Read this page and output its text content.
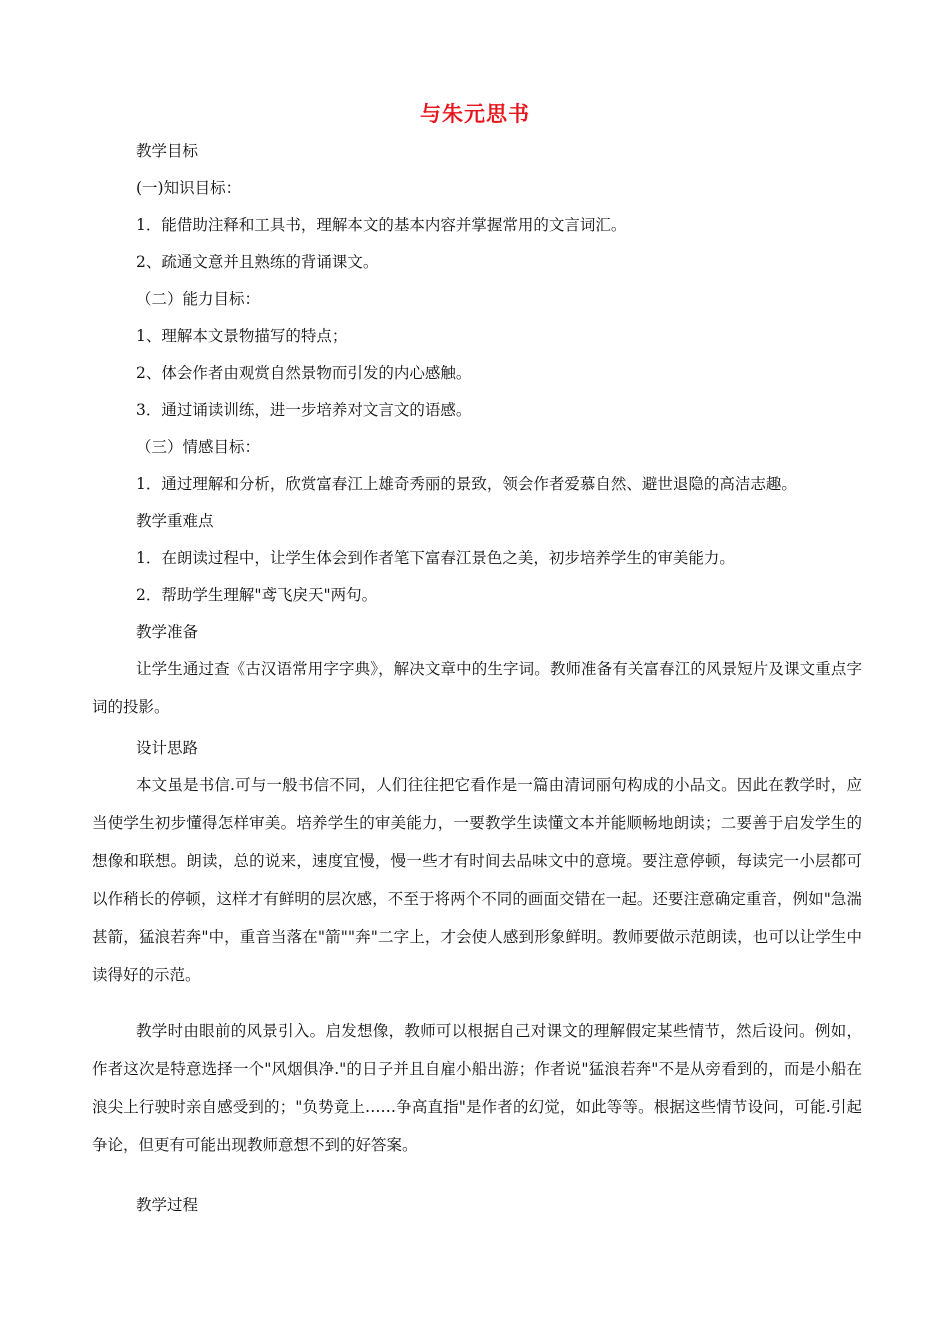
与朱元思书
教学目标
(一)知识目标：
1．能借助注释和工具书，理解本文的基本内容并掌握常用的文言词汇。
2、疏通文意并且熟练的背诵课文。
（二）能力目标：
1、理解本文景物描写的特点；
2、体会作者由观赏自然景物而引发的内心感触。
3．通过诵读训练，进一步培养对文言文的语感。
（三）情感目标：
1．通过理解和分析，欣赏富春江上雄奇秀丽的景致，领会作者爱慕自然、避世退隐的高洁志趣。
教学重难点
1．在朗读过程中，让学生体会到作者笔下富春江景色之美，初步培养学生的审美能力。
2．帮助学生理解"鸢飞戾天"两句。
教学准备

让学生通过查《古汉语常用字字典》，解决文章中的生字词。教师准备有关富春江的风景短片及课文重点字词的投影。

设计思路

本文虽是书信.可与一般书信不同，人们往往把它看作是一篇由清词丽句构成的小品文。因此在教学时，应当使学生初步懂得怎样审美。培养学生的审美能力，一要教学生读懂文本并能顺畅地朗读；二要善于启发学生的想像和联想。朗读，总的说来，速度宜慢，慢一些才有时间去品味文中的意境。要注意停顿，每读完一小层都可以作稍长的停顿，这样才有鲜明的层次感，不至于将两个不同的画面交错在一起。还要注意确定重音，例如"急湍甚箭，猛浪若奔"中，重音当落在"箭""奔"二字上，才会使人感到形象鲜明。教师要做示范朗读，也可以让学生中读得好的示范。

教学时由眼前的风景引入。启发想像，教师可以根据自己对课文的理解假定某些情节，然后设问。例如，作者这次是特意选择一个"风烟俱净."的日子并且自雇小船出游；作者说"猛浪若奔"不是从旁看到的，而是小船在浪尖上行驶时亲自感受到的；"负势竟上……争高直指"是作者的幻觉，如此等等。根据这些情节设问，可能.引起争论，但更有可能出现教师意想不到的好答案。

教学过程
